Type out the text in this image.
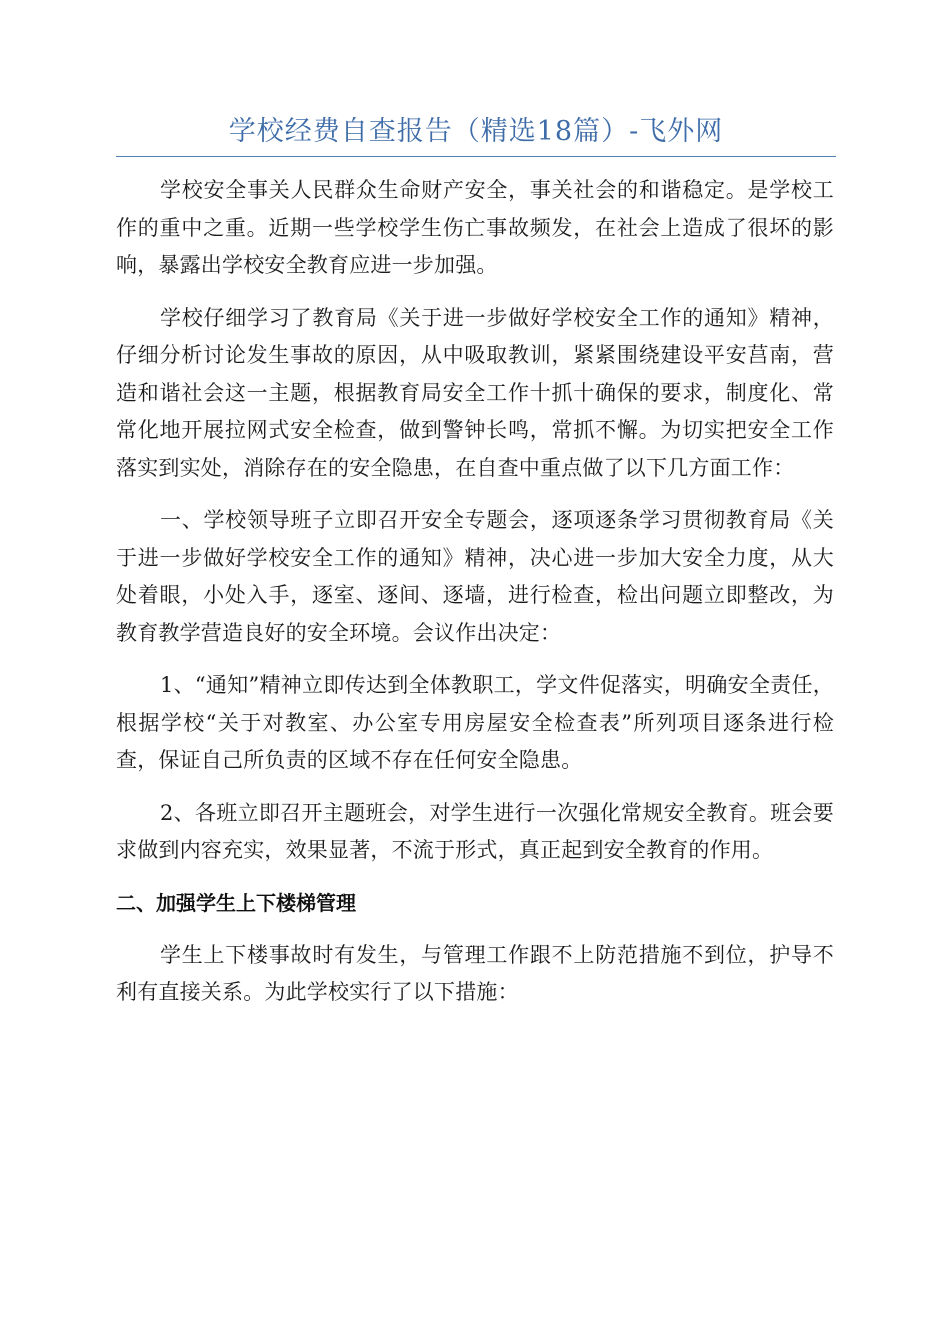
学校经费自查报告（精选18篇）-飞外网

学校安全事关人民群众生命财产安全，事关社会的和谐稳定。是学校工作的重中之重。近期一些学校学生伤亡事故频发，在社会上造成了很坏的影响，暴露出学校安全教育应进一步加强。

学校仔细学习了教育局《关于进一步做好学校安全工作的通知》精神，仔细分析讨论发生事故的原因，从中吸取教训，紧紧围绕建设平安莒南，营造和谐社会这一主题，根据教育局安全工作十抓十确保的要求，制度化、常常化地开展拉网式安全检查，做到警钟长鸣，常抓不懈。为切实把安全工作落实到实处，消除存在的安全隐患，在自查中重点做了以下几方面工作：

一、学校领导班子立即召开安全专题会，逐项逐条学习贯彻教育局《关于进一步做好学校安全工作的通知》精神，决心进一步加大安全力度，从大处着眼，小处入手，逐室、逐间、逐墙，进行检查，检出问题立即整改，为教育教学营造良好的安全环境。会议作出决定：

1、“通知”精神立即传达到全体教职工，学文件促落实，明确安全责任，根据学校“关于对教室、办公室专用房屋安全检查表”所列项目逐条进行检查，保证自己所负责的区域不存在任何安全隐患。

2、各班立即召开主题班会，对学生进行一次强化常规安全教育。班会要求做到内容充实，效果显著，不流于形式，真正起到安全教育的作用。

二、加强学生上下楼梯管理

学生上下楼事故时有发生，与管理工作跟不上防范措施不到位，护导不利有直接关系。为此学校实行了以下措施：
